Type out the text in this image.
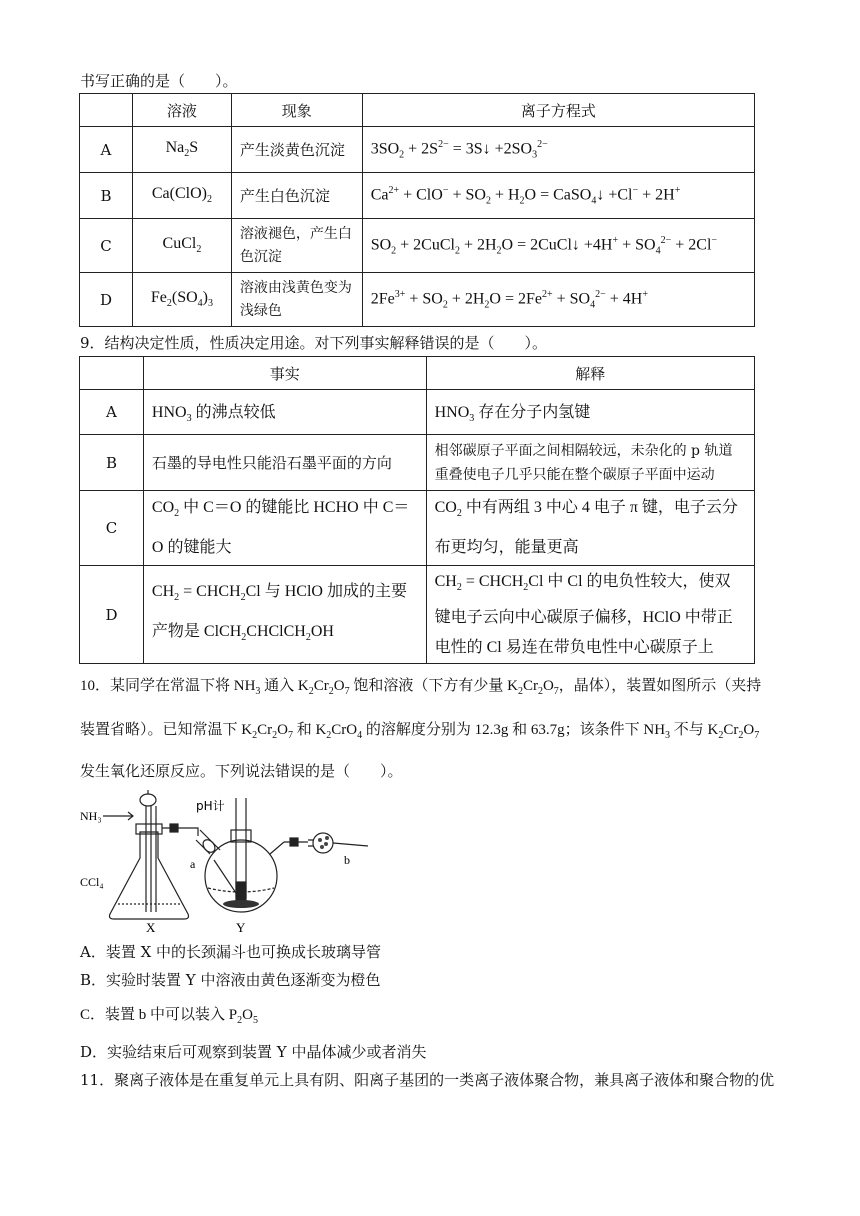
书写正确的是（　　）。
	溶液	现象	离子方程式
A	$Na_2S$	产生淡黄色沉淀	$3SO_2 + 2S^{2-}$ = 3S↓ $+2SO_3^{2-}$
B	$Ca(ClO)_2$	产生白色沉淀	$Ca^{2+} + ClO^- + SO_2 + H_2O$ = CaSO$_4$↓ +Cl− + 2H+
C	CuCl$_2$	溶液褪色，产生白色沉淀	$SO_2$ + 2CuCl$_2$ + $2H_2O$ = 2CuCl↓ $+4H^+ + SO_4^{2-} + 2Cl^-$
D	$Fe_2(SO_4)_3$	溶液由浅黄色变为浅绿色	$2Fe^{3+} + SO_2 + 2H_2O = 2Fe^{2+} + SO_4^{2-} + 4H^+$
9．结构决定性质，性质决定用途。对下列事实解释错误的是（　　）。
	事实	解释
A	$HNO_3$ 的沸点较低	$HNO_3$ 存在分子内氢键
B	石墨的导电性只能沿石墨平面的方向	相邻碳原子平面之间相隔较远，未杂化的 p 轨道重叠使电子几乎只能在整个碳原子平面中运动
C	$CO_2$ 中 C＝O 的键能比 HCHO 中 C＝O 的键能大	$CO_2$ 中有两组 3 中心 4 电子 π 键，电子云分布更均匀，能量更高
D	$CH_2$ = $CHCH_2Cl$ 与 HClO 加成的主要产物是 ClCH$_2$CHClCH$_2$OH	$CH_2$ = $CHCH_2Cl$ 中 Cl 的电负性较大，使双键电子云向中心碳原子偏移，HClO 中带正电性的 Cl 易连在带负电性中心碳原子上
10．某同学在常温下将 $NH_3$ 通入 $K_2Cr_2O_7$ 饱和溶液（下方有少量 $K_2Cr_2O_7$，晶体），装置如图所示（夹持
装置省略）。已知常温下 $K_2Cr_2O_7$ 和 $K_2CrO_4$ 的溶解度分别为 12.3g 和 63.7g；该条件下 $NH_3$ 不与 $K_2Cr_2O_7$
发生氧化还原反应。下列说法错误的是（　　）。
NH₃
pH计
CCl₄
a	b
X	Y
A．装置 X 中的长颈漏斗也可换成长玻璃导管
B．实验时装置 Y 中溶液由黄色逐渐变为橙色
C．装置 b 中可以装入 $P_2O_5$
D．实验结束后可观察到装置 Y 中晶体减少或者消失
11．聚离子液体是在重复单元上具有阴、阳离子基团的一类离子液体聚合物，兼具离子液体和聚合物的优
